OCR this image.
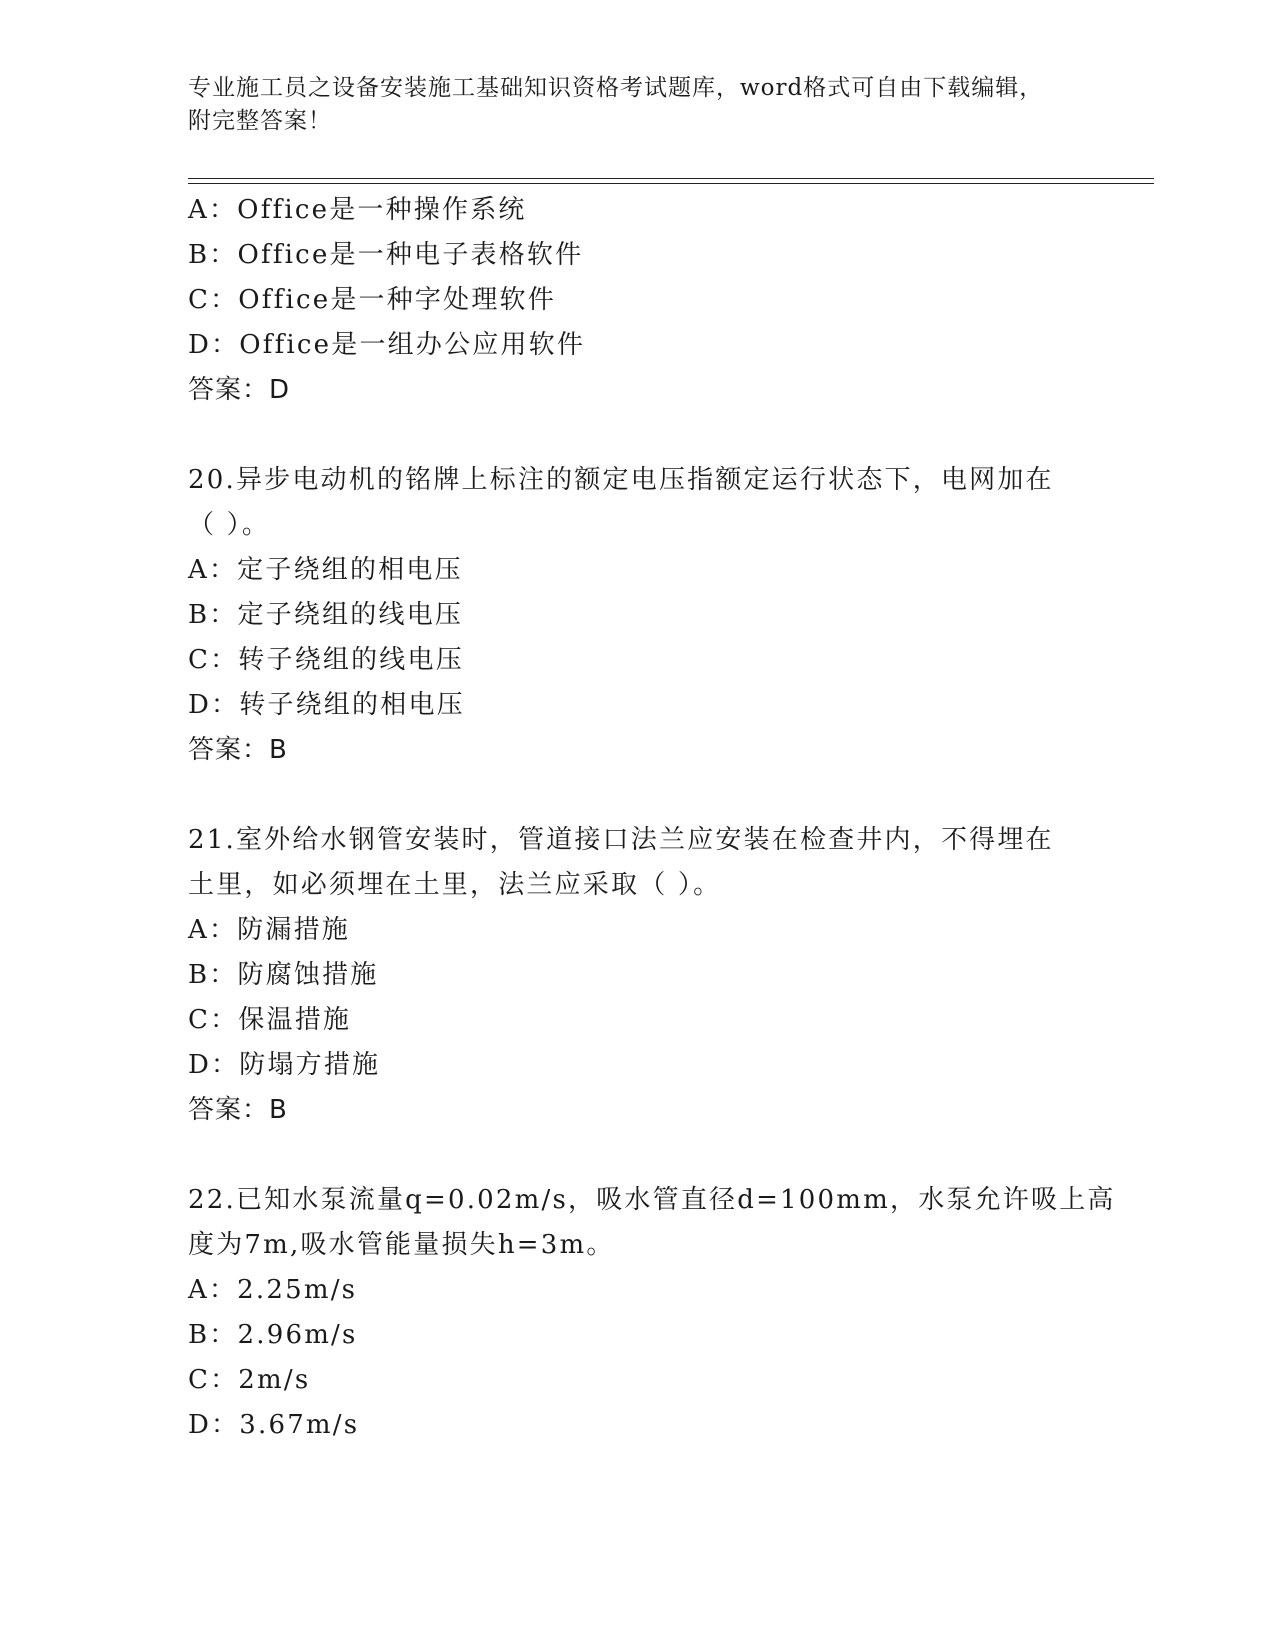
专业施工员之设备安装施工基础知识资格考试题库，word格式可自由下载编辑，
附完整答案！
A：Office是一种操作系统
B：Office是一种电子表格软件
C：Office是一种字处理软件
D：Office是一组办公应用软件
答案：D
20.异步电动机的铭牌上标注的额定电压指额定运行状态下，电网加在
（ ）。
A：定子绕组的相电压
B：定子绕组的线电压
C：转子绕组的线电压
D：转子绕组的相电压
答案：B
21.室外给水钢管安装时，管道接口法兰应安装在检查井内，不得埋在
土里，如必须埋在土里，法兰应采取（ ）。
A：防漏措施
B：防腐蚀措施
C：保温措施
D：防塌方措施
答案：B
22.已知水泵流量q=0.02m/s，吸水管直径d=100mm，水泵允许吸上高
度为7m,吸水管能量损失h=3m。
A：2.25m/s
B：2.96m/s
C：2m/s
D：3.67m/s
